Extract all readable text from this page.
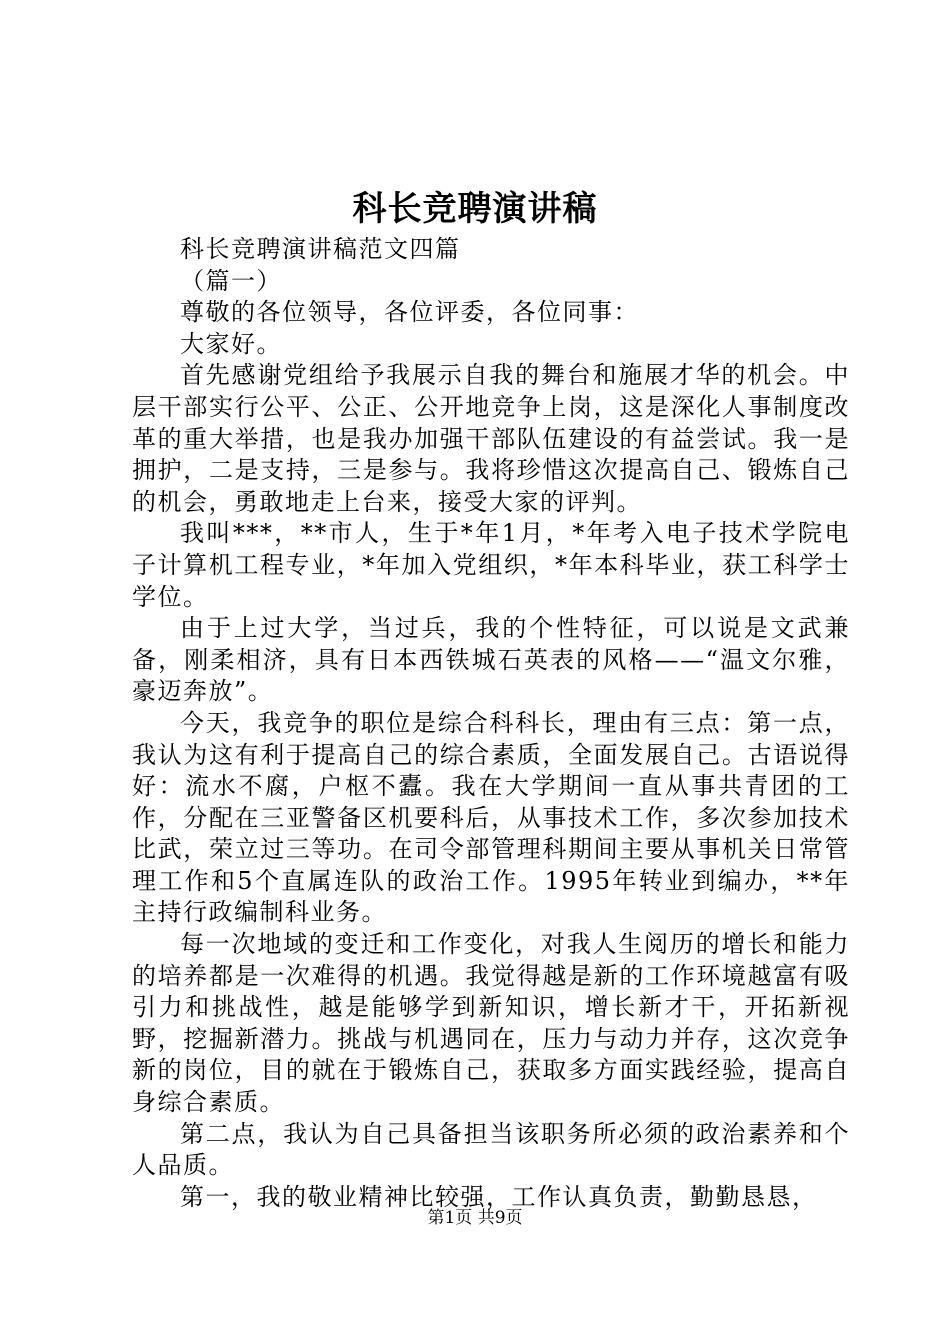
科长竞聘演讲稿

科长竞聘演讲稿范文四篇

（篇一）

尊敬的各位领导，各位评委，各位同事：

大家好。

首先感谢党组给予我展示自我的舞台和施展才华的机会。中层干部实行公平、公正、公开地竞争上岗，这是深化人事制度改革的重大举措，也是我办加强干部队伍建设的有益尝试。我一是拥护，二是支持，三是参与。我将珍惜这次提高自己、锻炼自己的机会，勇敢地走上台来，接受大家的评判。

我叫***，**市人，生于*年1月，*年考入电子技术学院电子计算机工程专业，*年加入党组织，*年本科毕业，获工科学士学位。

由于上过大学，当过兵，我的个性特征，可以说是文武兼备，刚柔相济，具有日本西铁城石英表的风格——“温文尔雅，豪迈奔放”。

今天，我竞争的职位是综合科科长，理由有三点：第一点，我认为这有利于提高自己的综合素质，全面发展自己。古语说得好：流水不腐，户枢不蠹。我在大学期间一直从事共青团的工作，分配在三亚警备区机要科后，从事技术工作，多次参加技术比武，荣立过三等功。在司令部管理科期间主要从事机关日常管理工作和5个直属连队的政治工作。1995年转业到编办，**年主持行政编制科业务。

每一次地域的变迁和工作变化，对我人生阅历的增长和能力的培养都是一次难得的机遇。我觉得越是新的工作环境越富有吸引力和挑战性，越是能够学到新知识，增长新才干，开拓新视野，挖掘新潜力。挑战与机遇同在，压力与动力并存，这次竞争新的岗位，目的就在于锻炼自己，获取多方面实践经验，提高自身综合素质。

第二点，我认为自己具备担当该职务所必须的政治素养和个人品质。

第一，我的敬业精神比较强，工作认真负责，勤勤恳恳，

第1页 共9页
